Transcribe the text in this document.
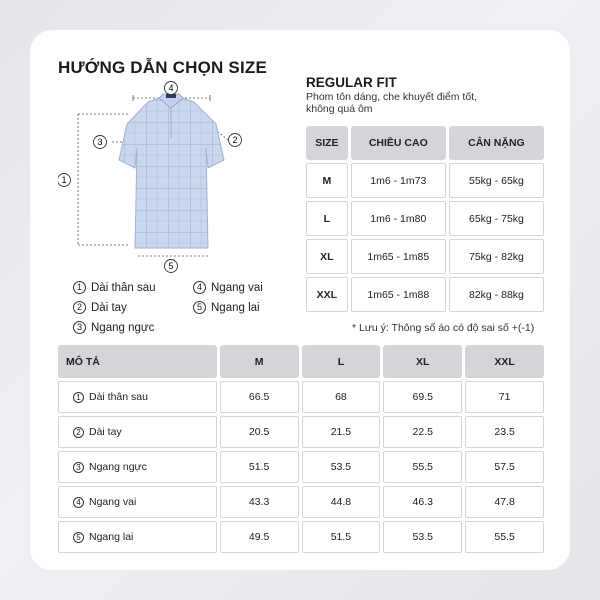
HƯỚNG DẪN CHỌN SIZE
REGULAR FIT
Phom tôn dáng, che khuyết điểm tốt,
không quá ôm
1
2
3
4
5
1 Dài thân sau
2 Dài tay
3 Ngang ngực
4 Ngang vai
5 Ngang lai
SIZE	CHIỀU CAO	CÂN NẶNG
M	1m6 - 1m73	55kg - 65kg
L	1m6 - 1m80	65kg - 75kg
XL	1m65 - 1m85	75kg - 82kg
XXL	1m65 - 1m88	82kg - 88kg
* Lưu ý: Thông số áo có độ sai số +(-1)
MÔ TẢ	M	L	XL	XXL
1 Dài thân sau	66.5	68	69.5	71
2 Dài tay	20.5	21.5	22.5	23.5
3 Ngang ngực	51.5	53.5	55.5	57.5
4 Ngang vai	43.3	44.8	46.3	47.8
5 Ngang lai	49.5	51.5	53.5	55.5
